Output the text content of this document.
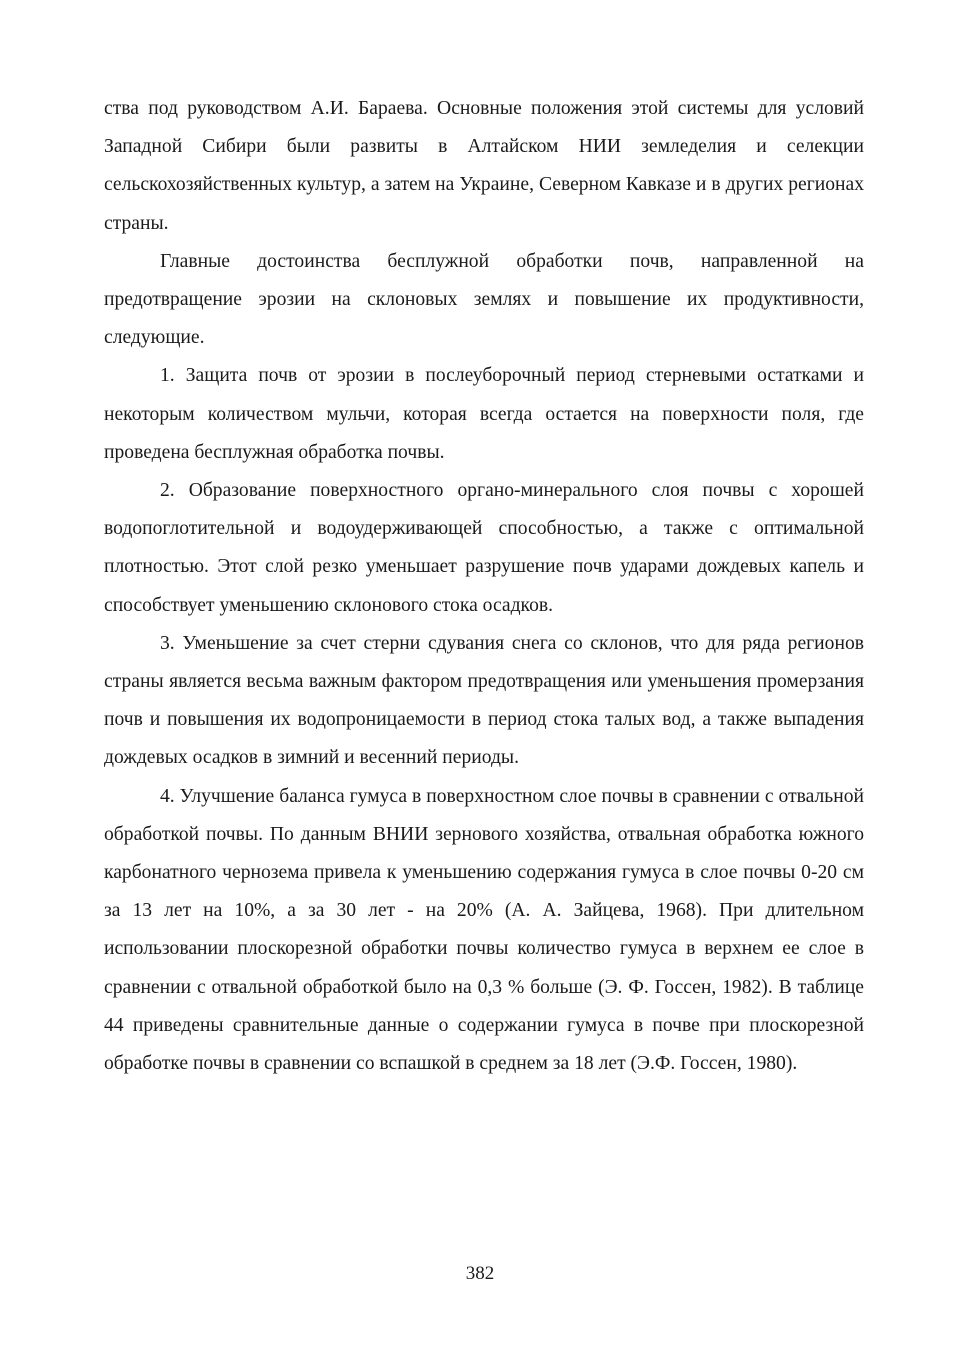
ства под руководством А.И. Бараева. Основные положения этой системы для условий Западной Сибири были развиты в Алтайском НИИ земледелия и селекции сельскохозяйственных культур, а затем на Украине, Северном Кавказе и в других регионах страны.

Главные достоинства бесплужной обработки почв, направленной на предотвращение эрозии на склоновых землях и повышение их продуктивности, следующие.

1. Защита почв от эрозии в послеуборочный период стерневыми остатками и некоторым количеством мульчи, которая всегда остается на поверхности поля, где проведена бесплужная обработка почвы.

2. Образование поверхностного органо-минерального слоя почвы с хорошей водопоглотительной и водоудерживающей способностью, а также с оптимальной плотностью. Этот слой резко уменьшает разрушение почв ударами дождевых капель и способствует уменьшению склонового стока осадков.

3. Уменьшение за счет стерни сдувания снега со склонов, что для ряда регионов страны является весьма важным фактором предотвращения или уменьшения промерзания почв и повышения их водопроницаемости в период стока талых вод, а также выпадения дождевых осадков в зимний и весенний периоды.

4. Улучшение баланса гумуса в поверхностном слое почвы в сравнении с отвальной обработкой почвы. По данным ВНИИ зернового хозяйства, отвальная обработка южного карбонатного чернозема привела к уменьшению содержания гумуса в слое почвы 0-20 см за 13 лет на 10%, а за 30 лет - на 20% (А. А. Зайцева, 1968). При длительном использовании плоскорезной обработки почвы количество гумуса в верхнем ее слое в сравнении с отвальной обработкой было на 0,3 % больше (Э. Ф. Госсен, 1982). В таблице 44 приведены сравнительные данные о содержании гумуса в почве при плоскорезной обработке почвы в сравнении со вспашкой в среднем за 18 лет (Э.Ф. Госсен, 1980).

382
